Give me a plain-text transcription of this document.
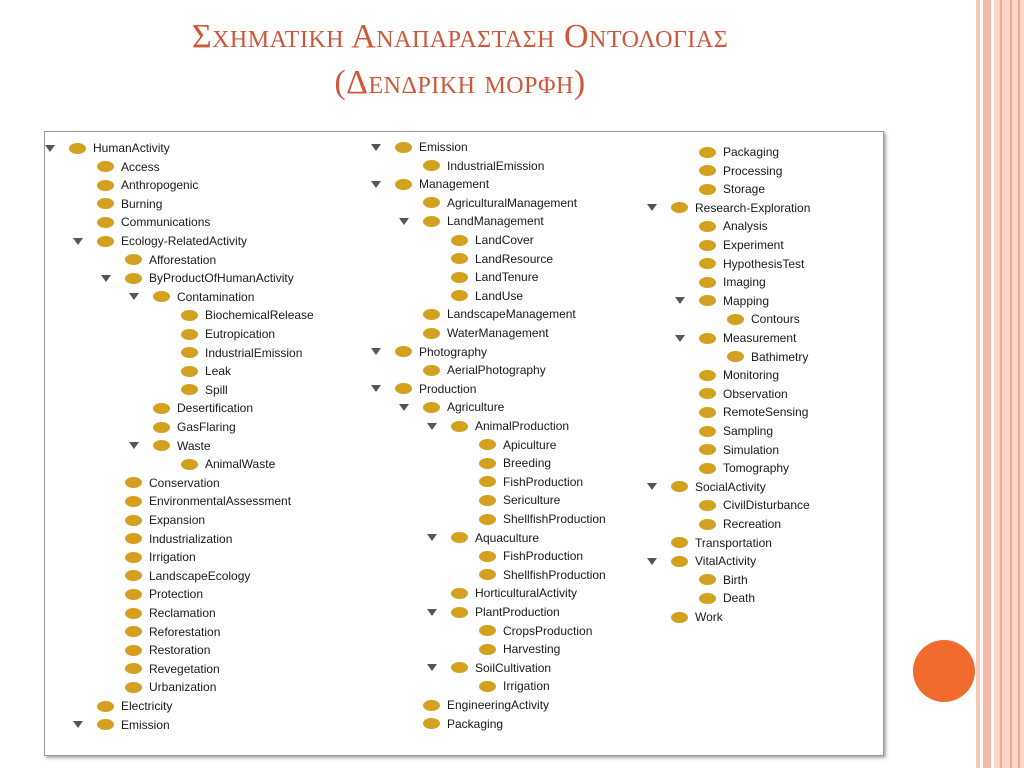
Σχηματικη Αναπαρασταση Οντολογιας
(Δενδρικη μορφη)
HumanActivity
Access
Anthropogenic
Burning
Communications
Ecology-RelatedActivity
Afforestation
ByProductOfHumanActivity
Contamination
BiochemicalRelease
Eutropication
IndustrialEmission
Leak
Spill
Desertification
GasFlaring
Waste
AnimalWaste
Conservation
EnvironmentalAssessment
Expansion
Industrialization
Irrigation
LandscapeEcology
Protection
Reclamation
Reforestation
Restoration
Revegetation
Urbanization
Electricity
Emission
Emission
IndustrialEmission
Management
AgriculturalManagement
LandManagement
LandCover
LandResource
LandTenure
LandUse
LandscapeManagement
WaterManagement
Photography
AerialPhotography
Production
Agriculture
AnimalProduction
Apiculture
Breeding
FishProduction
Sericulture
ShellfishProduction
Aquaculture
FishProduction
ShellfishProduction
HorticulturalActivity
PlantProduction
CropsProduction
Harvesting
SoilCultivation
Irrigation
EngineeringActivity
Packaging
Packaging
Processing
Storage
Research-Exploration
Analysis
Experiment
HypothesisTest
Imaging
Mapping
Contours
Measurement
Bathimetry
Monitoring
Observation
RemoteSensing
Sampling
Simulation
Tomography
SocialActivity
CivilDisturbance
Recreation
Transportation
VitalActivity
Birth
Death
Work
